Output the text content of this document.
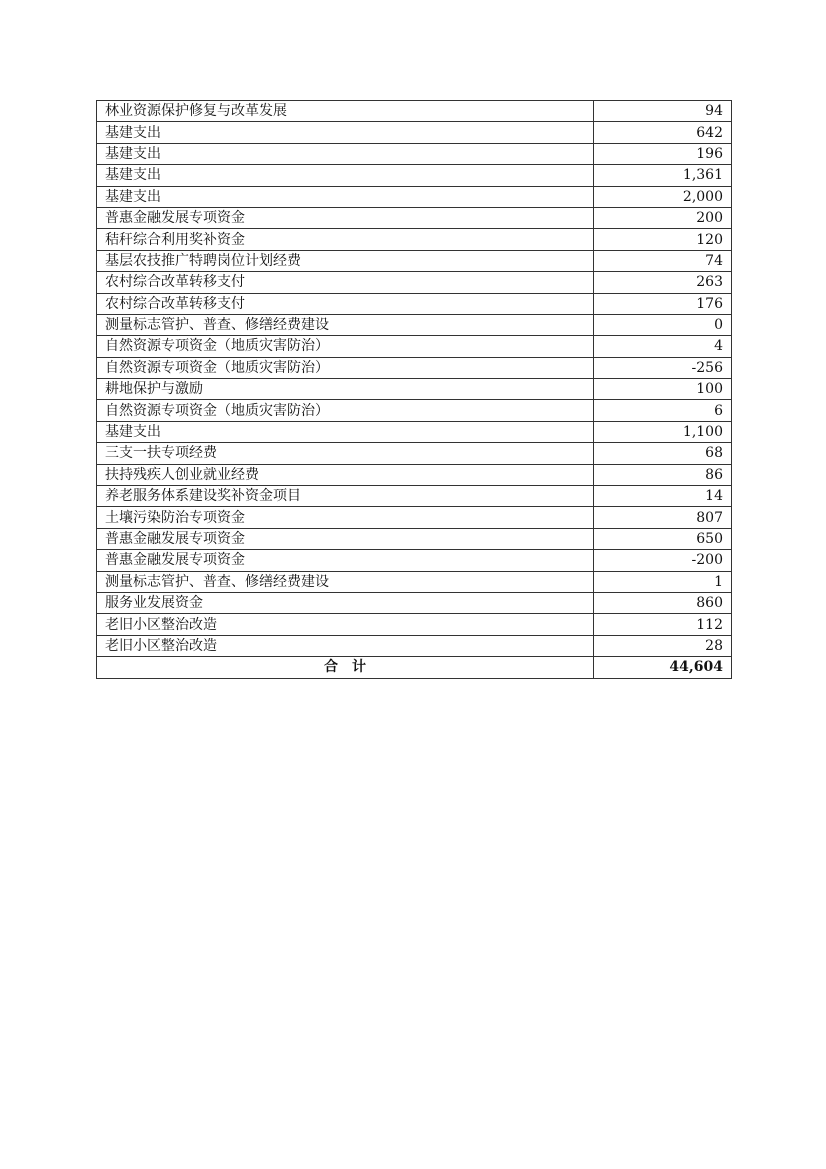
林业资源保护修复与改革发展	94
基建支出	642
基建支出	196
基建支出	1,361
基建支出	2,000
普惠金融发展专项资金	200
秸秆综合利用奖补资金	120
基层农技推广特聘岗位计划经费	74
农村综合改革转移支付	263
农村综合改革转移支付	176
测量标志管护、普查、修缮经费建设	0
自然资源专项资金（地质灾害防治）	4
自然资源专项资金（地质灾害防治）	-256
耕地保护与激励	100
自然资源专项资金（地质灾害防治）	6
基建支出	1,100
三支一扶专项经费	68
扶持残疾人创业就业经费	86
养老服务体系建设奖补资金项目	14
土壤污染防治专项资金	807
普惠金融发展专项资金	650
普惠金融发展专项资金	-200
测量标志管护、普查、修缮经费建设	1
服务业发展资金	860
老旧小区整治改造	112
老旧小区整治改造	28
合　计	44,604
